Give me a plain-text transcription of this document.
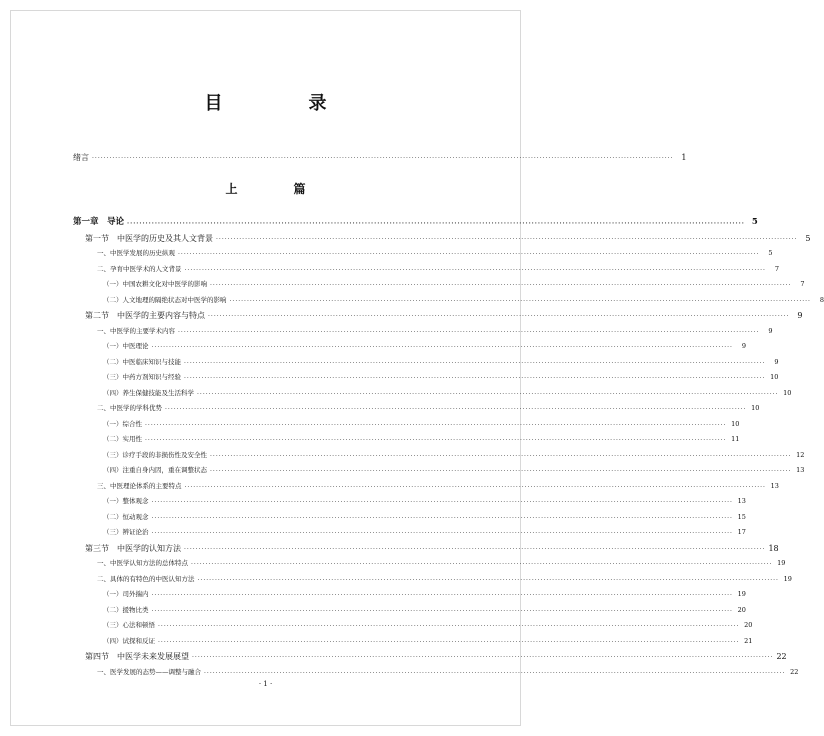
目　录
绪言 ········································································································································································································ 1
上　篇
第一章　导论 ········································································································································································································ 5
第一节　中医学的历史及其人文背景 ········································································································································································································ 5
一、中医学发展的历史纵观 ········································································································································································································	5
二、孕育中医学术的人文背景 ········································································································································································································	7
（一）中国农耕文化对中医学的影响 ········································································································································································································	7
（二）人文地理的隔绝状态对中医学的影响 ········································································································································································································	8
第二节　中医学的主要内容与特点 ········································································································································································································ 9
一、中医学的主要学术内容 ········································································································································································································	9
（一）中医理论 ········································································································································································································	9
（二）中医临床知识与技能 ········································································································································································································	9
（三）中药方剂知识与经验 ········································································································································································································ 10
（四）养生保健技能及生活科学 ········································································································································································································ 10
二、中医学的学科优势 ········································································································································································································ 10
（一）综合性 ········································································································································································································ 10
（二）实用性 ········································································································································································································ 11
（三）诊疗手段的非损伤性及安全性 ········································································································································································································ 12
（四）注重自身内因，重在调整状态 ········································································································································································································ 13
三、中医理论体系的主要特点 ········································································································································································································ 13
（一）整体观念 ········································································································································································································ 13
（二）恒动观念 ········································································································································································································ 15
（三）辨证论治 ········································································································································································································ 17
第三节　中医学的认知方法 ········································································································································································································ 18
一、中医学认知方法的总体特点 ········································································································································································································ 19
二、具体的有特色的中医认知方法 ········································································································································································································ 19
（一）司外揣内 ········································································································································································································ 19
（二）援物比类 ········································································································································································································ 20
（三）心法和顿悟 ········································································································································································································ 20
（四）试探和反证 ········································································································································································································ 21
第四节　中医学未来发展展望 ········································································································································································································ 22
一、医学发展的态势——调整与融合 ········································································································································································································ 22
· 1 ·
